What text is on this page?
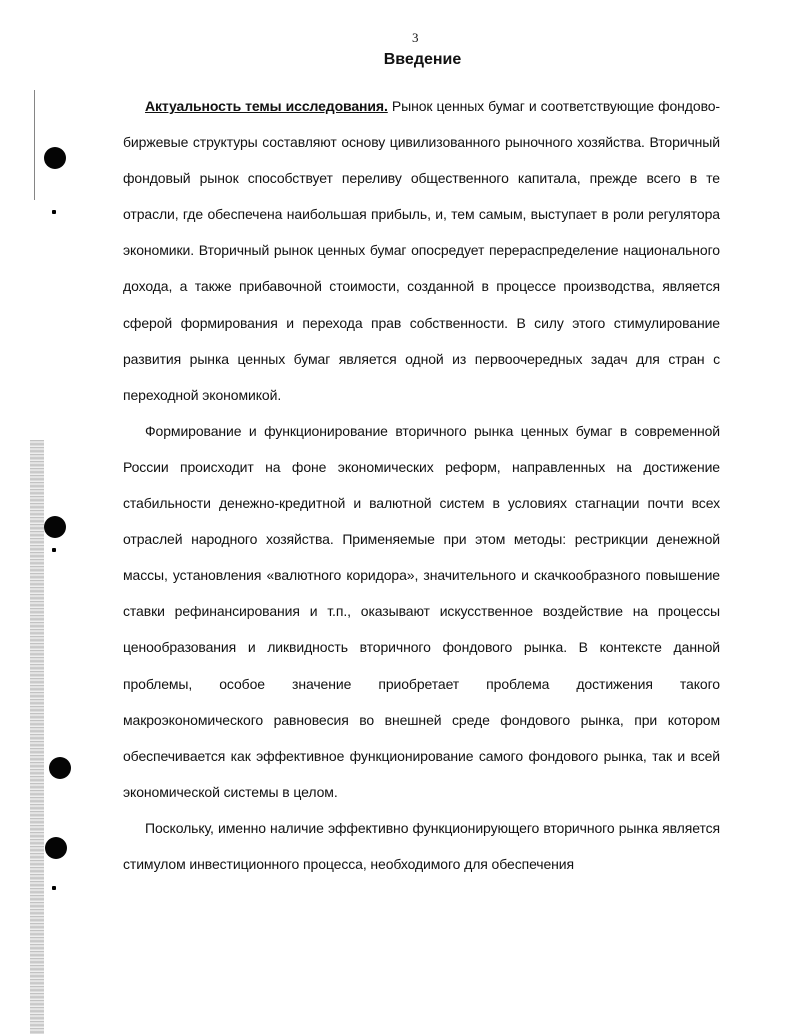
3
Введение

Актуальность темы исследования. Рынок ценных бумаг и соответствующие фондово-биржевые структуры составляют основу цивилизованного рыночного хозяйства. Вторичный фондовый рынок способствует переливу общественного капитала, прежде всего в те отрасли, где обеспечена наибольшая прибыль, и, тем самым, выступает в роли регулятора экономики. Вторичный рынок ценных бумаг опосредует перераспределение национального дохода, а также прибавочной стоимости, созданной в процессе производства, является сферой формирования и перехода прав собственности. В силу этого стимулирование развития рынка ценных бумаг является одной из первоочередных задач для стран с переходной экономикой.

Формирование и функционирование вторичного рынка ценных бумаг в современной России происходит на фоне экономических реформ, направленных на достижение стабильности денежно-кредитной и валютной систем в условиях стагнации почти всех отраслей народного хозяйства. Применяемые при этом методы: рестрикции денежной массы, установления «валютного коридора», значительного и скачкообразного повышение ставки рефинансирования и т.п., оказывают искусственное воздействие на процессы ценообразования и ликвидность вторичного фондового рынка. В контексте данной проблемы, особое значение приобретает проблема достижения такого макроэкономического равновесия во внешней среде фондового рынка, при котором обеспечивается как эффективное функционирование самого фондового рынка, так и всей экономической системы в целом.

Поскольку, именно наличие эффективно функционирующего вторичного рынка является стимулом инвестиционного процесса, необходимого для обеспечения
